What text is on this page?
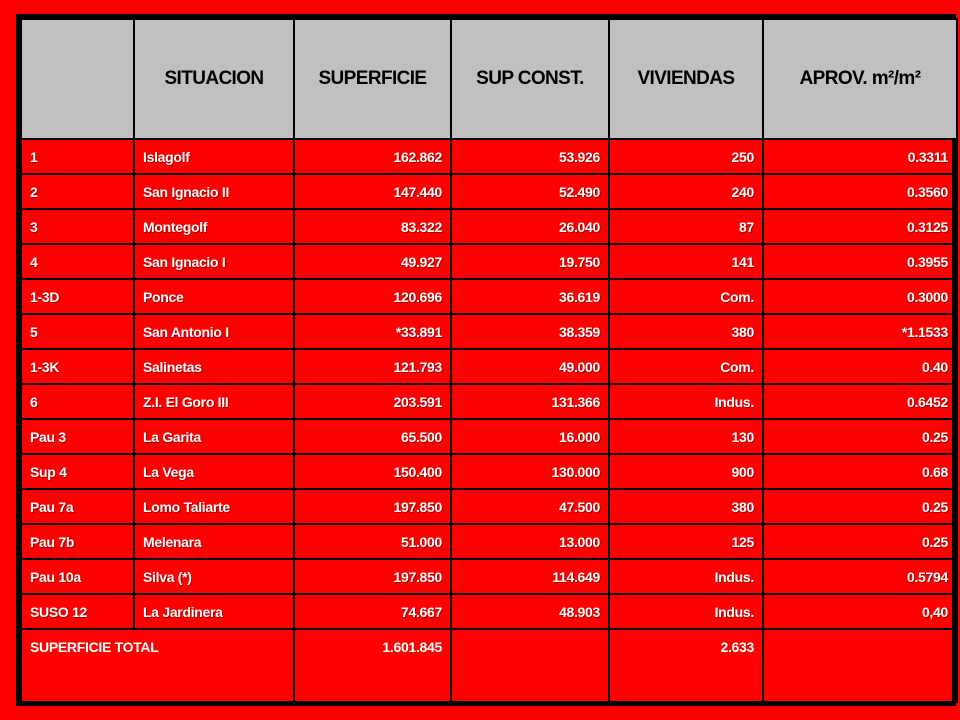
	SITUACION	SUPERFICIE	SUP CONST.	VIVIENDAS	APROV. m²/m²
1	Islagolf	162.862	53.926	250	0.3311
2	San Ignacio II	147.440	52.490	240	0.3560
3	Montegolf	83.322	26.040	87	0.3125
4	San Ignacio I	49.927	19.750	141	0.3955
1-3D	Ponce	120.696	36.619	Com.	0.3000
5	San Antonio I	*33.891	38.359	380	*1.1533
1-3K	Salinetas	121.793	49.000	Com.	0.40
6	Z.I. El Goro III	203.591	131.366	Indus.	0.6452
Pau 3	La Garita	65.500	16.000	130	0.25
Sup 4	La Vega	150.400	130.000	900	0.68
Pau 7a	Lomo Taliarte	197.850	47.500	380	0.25
Pau 7b	Melenara	51.000	13.000	125	0.25
Pau 10a	Silva (*)	197.850	114.649	Indus.	0.5794
SUSO 12	La Jardinera	74.667	48.903	Indus.	0,40
SUPERFICIE TOTAL		1.601.845		2.633	
